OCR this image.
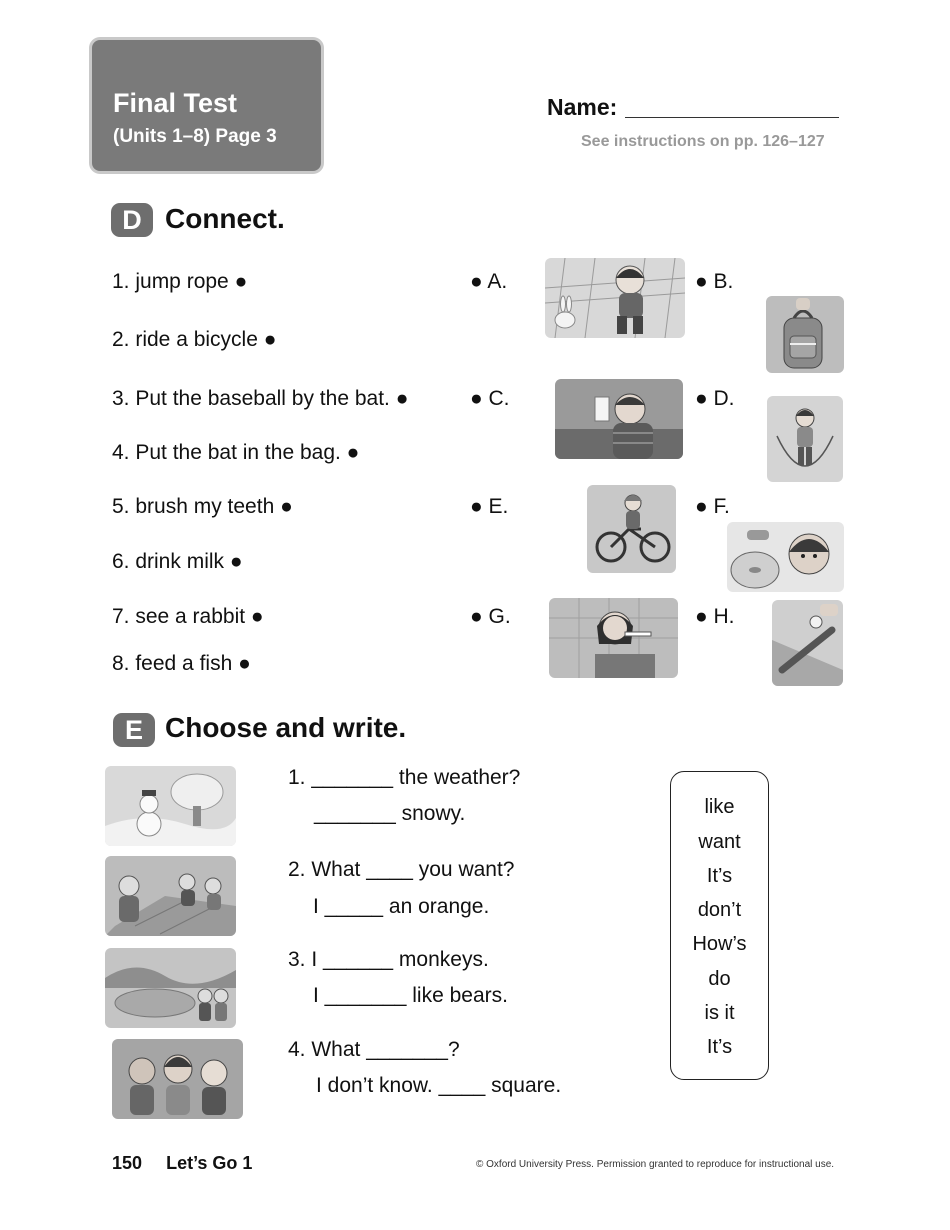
Final Test
(Units 1–8) Page 3
Name:
See instructions on pp. 126–127
D Connect.
1. jump rope ●
2. ride a bicycle ●
3. Put the baseball by the bat. ●
4. Put the bat in the bag. ●
5. brush my teeth ●
6. drink milk ●
7. see a rabbit ●
8. feed a fish ●
● A.	● B.
● C.	● D.
● E.	● F.
● G.	● H.
E Choose and write.
1. _______ the weather?
_______ snowy.
2. What ____ you want?
I _____ an orange.
3. I ______ monkeys.
I _______ like bears.
4. What _______?
I don’t know. ____ square.
like
want
It’s
don’t
How’s
do
is it
It’s
150 Let’s Go 1	© Oxford University Press. Permission granted to reproduce for instructional use.
